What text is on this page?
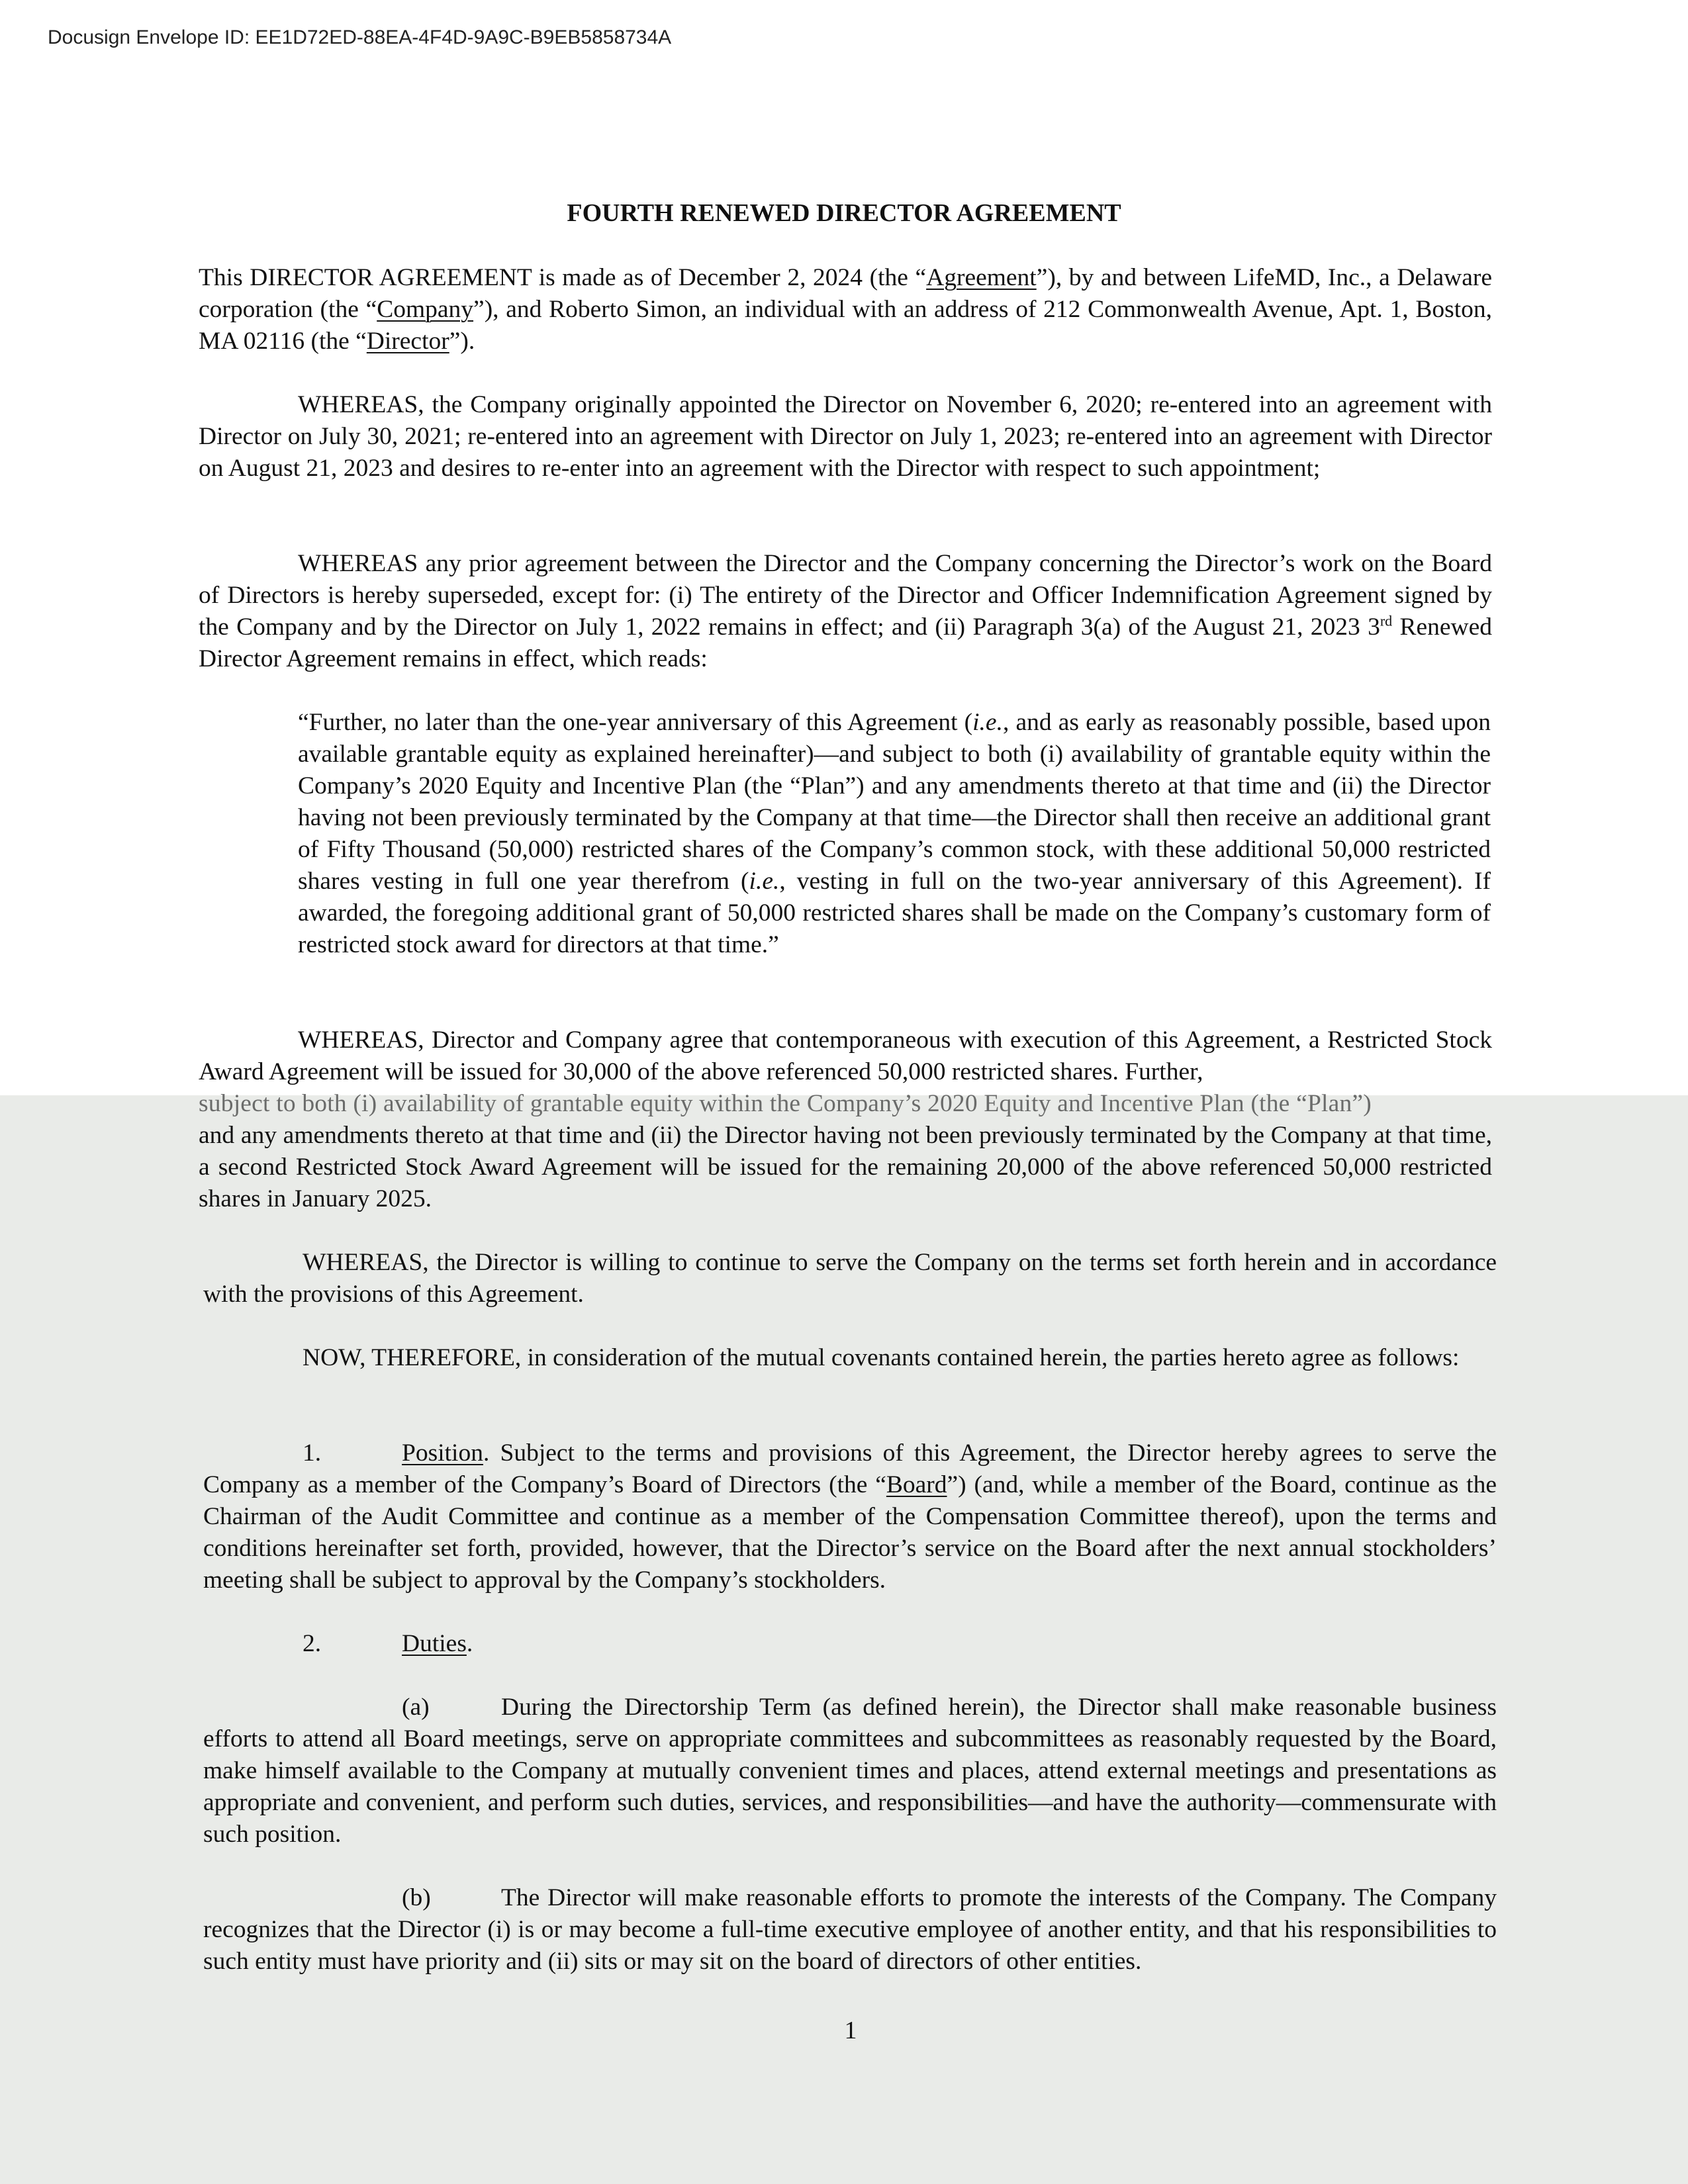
Docusign Envelope ID: EE1D72ED-88EA-4F4D-9A9C-B9EB5858734A
FOURTH RENEWED DIRECTOR AGREEMENT

This DIRECTOR AGREEMENT is made as of December 2, 2024 (the “Agreement”), by and between LifeMD, Inc., a Delaware corporation (the “Company”), and Roberto Simon, an individual with an address of 212 Commonwealth Avenue, Apt. 1, Boston, MA 02116 (the “Director”).

WHEREAS, the Company originally appointed the Director on November 6, 2020; re-entered into an agreement with Director on July 30, 2021; re-entered into an agreement with Director on July 1, 2023; re-entered into an agreement with Director on August 21, 2023 and desires to re-enter into an agreement with the Director with respect to such appointment;

WHEREAS any prior agreement between the Director and the Company concerning the Director’s work on the Board of Directors is hereby superseded, except for: (i) The entirety of the Director and Officer Indemnification Agreement signed by the Company and by the Director on July 1, 2022 remains in effect; and (ii) Paragraph 3(a) of the August 21, 2023 3rd Renewed Director Agreement remains in effect, which reads:

“Further, no later than the one-year anniversary of this Agreement (i.e., and as early as reasonably possible, based upon available grantable equity as explained hereinafter)—and subject to both (i) availability of grantable equity within the Company’s 2020 Equity and Incentive Plan (the “Plan”) and any amendments thereto at that time and (ii) the Director having not been previously terminated by the Company at that time—the Director shall then receive an additional grant of Fifty Thousand (50,000) restricted shares of the Company’s common stock, with these additional 50,000 restricted shares vesting in full one year therefrom (i.e., vesting in full on the two-year anniversary of this Agreement). If awarded, the foregoing additional grant of 50,000 restricted shares shall be made on the Company’s customary form of restricted stock award for directors at that time.”

WHEREAS, Director and Company agree that contemporaneous with execution of this Agreement, a Restricted Stock Award Agreement will be issued for 30,000 of the above referenced 50,000 restricted shares. Further,
subject to both (i) availability of grantable equity within the Company’s 2020 Equity and Incentive Plan (the “Plan”)
and any amendments thereto at that time and (ii) the Director having not been previously terminated by the Company at that time, a second Restricted Stock Award Agreement will be issued for the remaining 20,000 of the above referenced 50,000 restricted shares in January 2025.

WHEREAS, the Director is willing to continue to serve the Company on the terms set forth herein and in accordance with the provisions of this Agreement.

NOW, THEREFORE, in consideration of the mutual covenants contained herein, the parties hereto agree as follows:

1.	Position. Subject to the terms and provisions of this Agreement, the Director hereby agrees to serve the Company as a member of the Company’s Board of Directors (the “Board”) (and, while a member of the Board, continue as the Chairman of the Audit Committee and continue as a member of the Compensation Committee thereof), upon the terms and conditions hereinafter set forth, provided, however, that the Director’s service on the Board after the next annual stockholders’ meeting shall be subject to approval by the Company’s stockholders.

2.	Duties.

(a)	During the Directorship Term (as defined herein), the Director shall make reasonable business efforts to attend all Board meetings, serve on appropriate committees and subcommittees as reasonably requested by the Board, make himself available to the Company at mutually convenient times and places, attend external meetings and presentations as appropriate and convenient, and perform such duties, services, and responsibilities—and have the authority—commensurate with such position.

(b)	The Director will make reasonable efforts to promote the interests of the Company. The Company recognizes that the Director (i) is or may become a full-time executive employee of another entity, and that his responsibilities to such entity must have priority and (ii) sits or may sit on the board of directors of other entities.

1
